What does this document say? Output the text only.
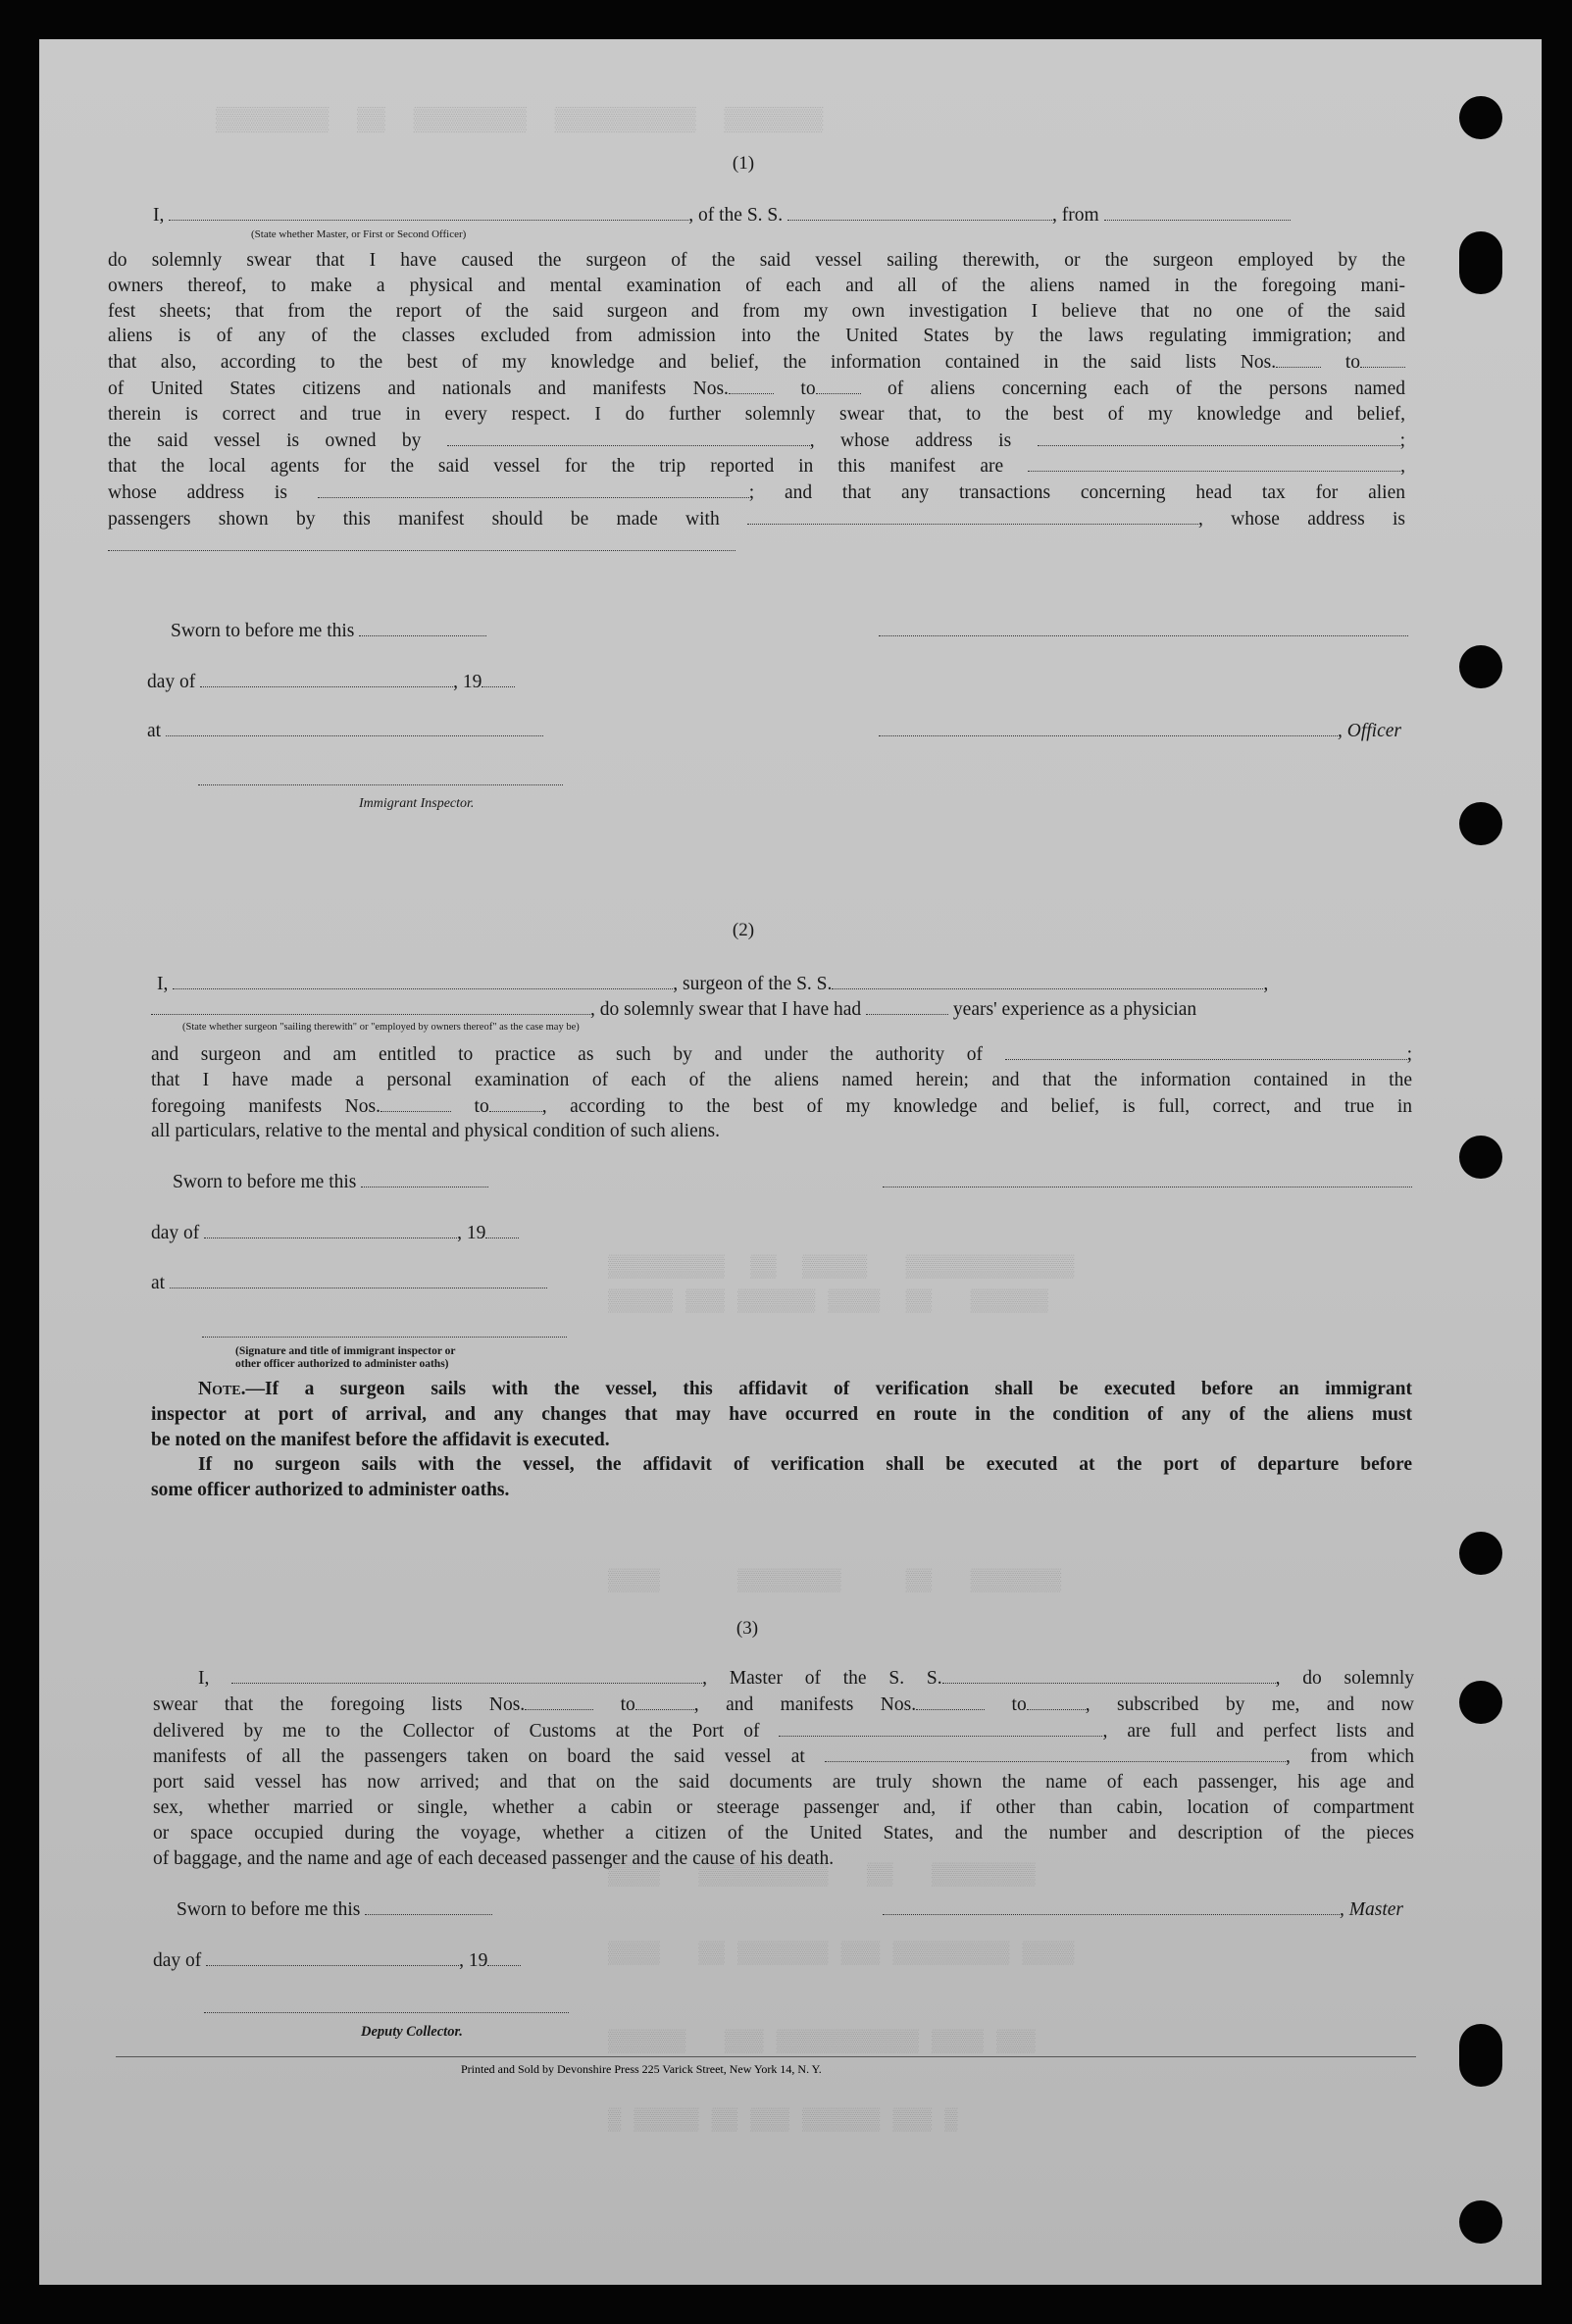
▒▒▒▒▒▒▒▒  ▒▒  ▒▒▒▒▒▒▒▒  ▒▒▒▒▒▒▒▒▒▒  ▒▒▒▒▒▒▒
▒▒▒▒▒▒▒▒▒  ▒▒  ▒▒▒▒▒   ▒▒▒▒▒▒▒▒▒▒▒▒▒
▒▒▒▒▒ ▒▒▒ ▒▒▒▒▒▒ ▒▒▒▒  ▒▒   ▒▒▒▒▒▒
▒▒▒▒      ▒▒▒▒▒▒▒▒     ▒▒   ▒▒▒▒▒▒▒
▒▒▒▒   ▒▒▒▒▒▒▒▒▒▒   ▒▒   ▒▒▒▒▒▒▒▒
▒▒▒▒   ▒▒ ▒▒▒▒▒▒▒ ▒▒▒ ▒▒▒▒▒▒▒▒▒ ▒▒▒▒
▒▒▒▒▒▒   ▒▒▒ ▒▒▒▒▒▒▒▒▒▒▒ ▒▒▒▒ ▒▒▒
▒ ▒▒▒▒▒ ▒▒ ▒▒▒ ▒▒▒▒▒▒ ▒▒▒ ▒
(1)
I,	, of the S. S.	, from
(State whether Master, or First or Second Officer)
do solemnly swear that I have caused the surgeon of the said vessel sailing therewith, or the surgeon employed by the
owners thereof, to make a physical and mental examination of each and all of the aliens named in the foregoing mani-
fest sheets; that from the report of the said surgeon and from my own investigation I believe that no one of the said
aliens is of any of the classes excluded from admission into the United States by the laws regulating immigration; and
that also, according to the best of my knowledge and belief, the information contained in the said lists Nos.	to
of United States citizens and nationals and manifests Nos.	to	of aliens concerning each of the persons named
therein is correct and true in every respect. I do further solemnly swear that, to the best of my knowledge and belief,
the said vessel is owned by	, whose address is	;
that the local agents for the said vessel for the trip reported in this manifest are	,
whose address is	; and that any transactions concerning head tax for alien
passengers shown by this manifest should be made with	, whose address is
Sworn to before me this
day of	, 19
at	, Officer
Immigrant Inspector.
(2)
I,	, surgeon of the S. S.	,
, do solemnly swear that I have had	years' experience as a physician
(State whether surgeon "sailing therewith" or "employed by owners thereof" as the case may be)
and surgeon and am entitled to practice as such by and under the authority of	;
that I have made a personal examination of each of the aliens named herein; and that the information contained in the
foregoing manifests Nos.	to	, according to the best of my knowledge and belief, is full, correct, and true in
all particulars, relative to the mental and physical condition of such aliens.
Sworn to before me this
day of	, 19
at
(Signature and title of immigrant inspector or
other officer authorized to administer oaths)
Note.—If a surgeon sails with the vessel, this affidavit of verification shall be executed before an immigrant
inspector at port of arrival, and any changes that may have occurred en route in the condition of any of the aliens must
be noted on the manifest before the affidavit is executed.
If no surgeon sails with the vessel, the affidavit of verification shall be executed at the port of departure before
some officer authorized to administer oaths.
(3)
I,	, Master of the S. S.	, do solemnly
swear that the foregoing lists Nos.	to	, and manifests Nos.	to	, subscribed by me, and now
delivered by me to the Collector of Customs at the Port of	, are full and perfect lists and
manifests of all the passengers taken on board the said vessel at	, from which
port said vessel has now arrived; and that on the said documents are truly shown the name of each passenger, his age and
sex, whether married or single, whether a cabin or steerage passenger and, if other than cabin, location of compartment
or space occupied during the voyage, whether a citizen of the United States, and the number and description of the pieces
of baggage, and the name and age of each deceased passenger and the cause of his death.
Sworn to before me this	, Master
day of	, 19
Deputy Collector.
Printed and Sold by Devonshire Press 225 Varick Street, New York 14, N. Y.
